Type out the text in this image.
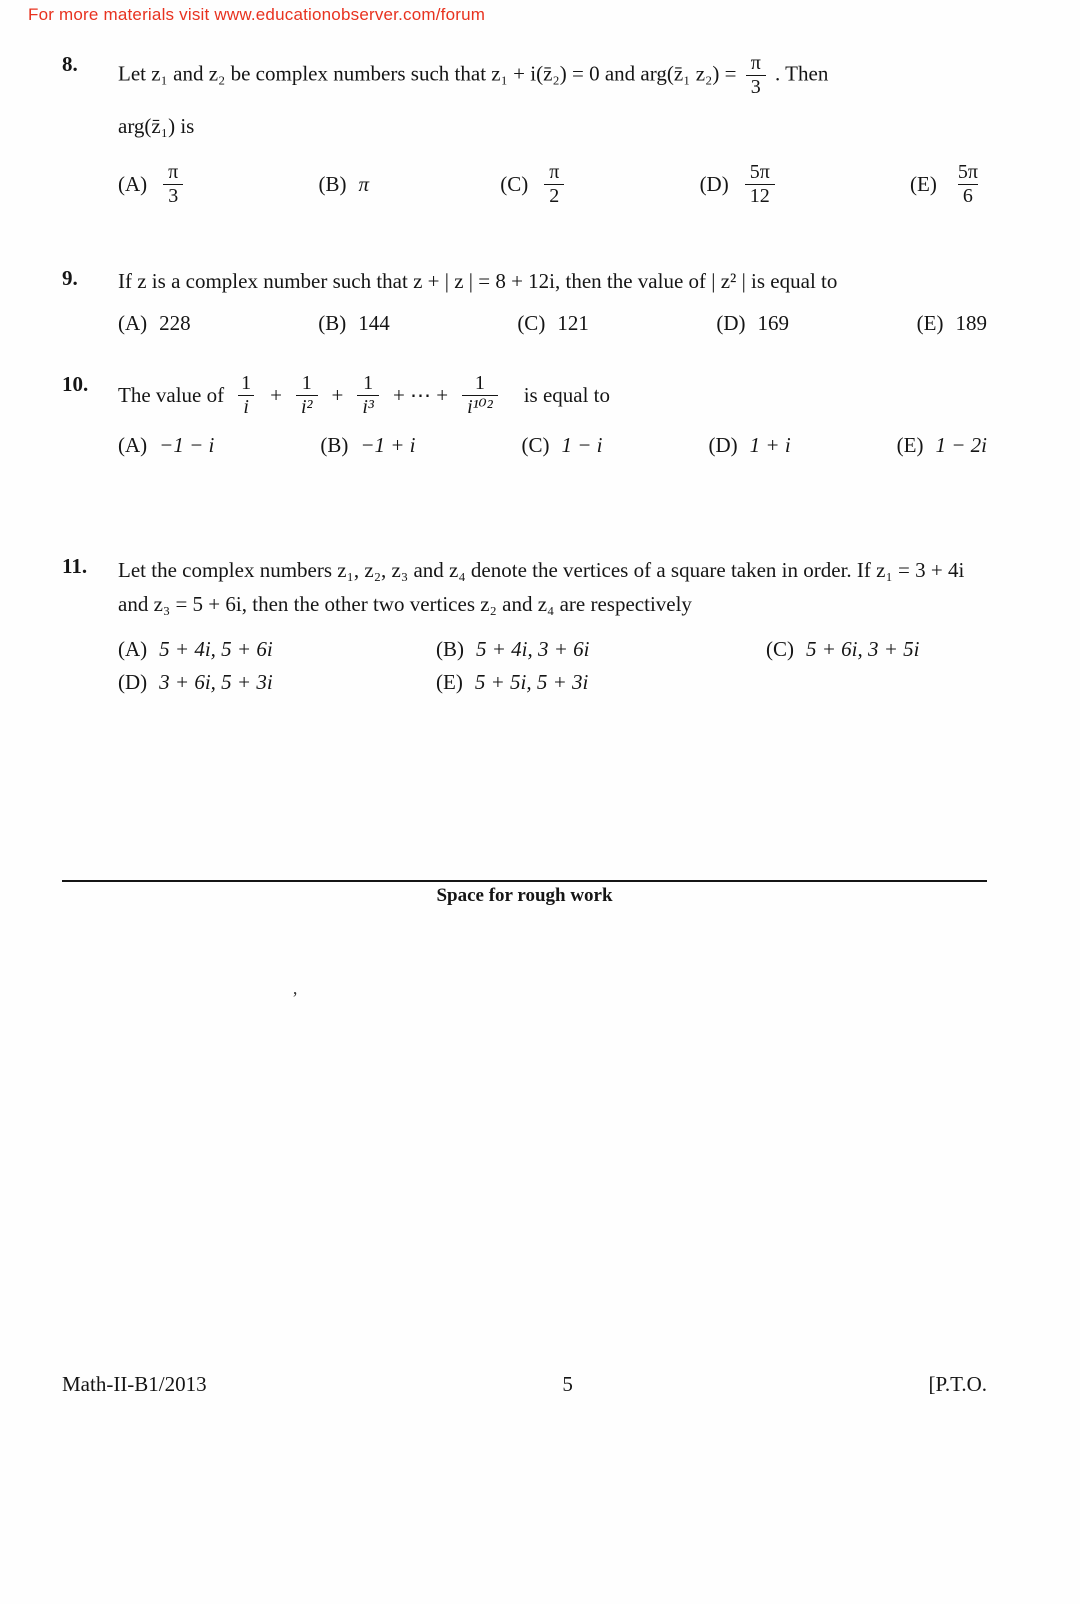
For more materials visit www.educationobserver.com/forum
8.	Let z₁ and z₂ be complex numbers such that z₁ + i(z̄₂) = 0 and arg(z̄₁ $z_2) = \frac{\pi}{3}$ . Then
arg(z̄₁) is
$(A) \frac{\pi}{3}$	(B) π	$(C) \frac{\pi}{2}$	$(D) \frac{5\pi}{12}$	$(E) \frac{5\pi}{6}$
9.	If z is a complex number such that z + | z | = 8 + 12i, then the value of | z² | is equal to
(A) 228	(B) 144	(C) 121	(D) 169	(E) 189
10.	The value of $\frac{1}{i} + \frac{1}{\text{i²}} + \frac{1}{\text{i³}}$ + ⋯ + $\frac{1}{\text{i¹⁰²}}$ is equal to
(A) −1 − i	(B) −1 + i	(C) 1 − i	(D) 1 + i	(E) 1 − 2i
11.	Let the complex numbers z₁, z₂, z₃ and z₄ denote the vertices of a square taken in order. If z₁ = 3 + 4i and z₃ = 5 + 6i, then the other two vertices z₂ and z₄ are respectively
(A) 5 + 4i, 5 + 6i	(B) 5 + 4i, 3 + 6i	(C) 5 + 6i, 3 + 5i
(D) 3 + 6i, 5 + 3i	(E) 5 + 5i, 5 + 3i
Space for rough work
’
Math-II-B1/2013	5	[P.T.O.
